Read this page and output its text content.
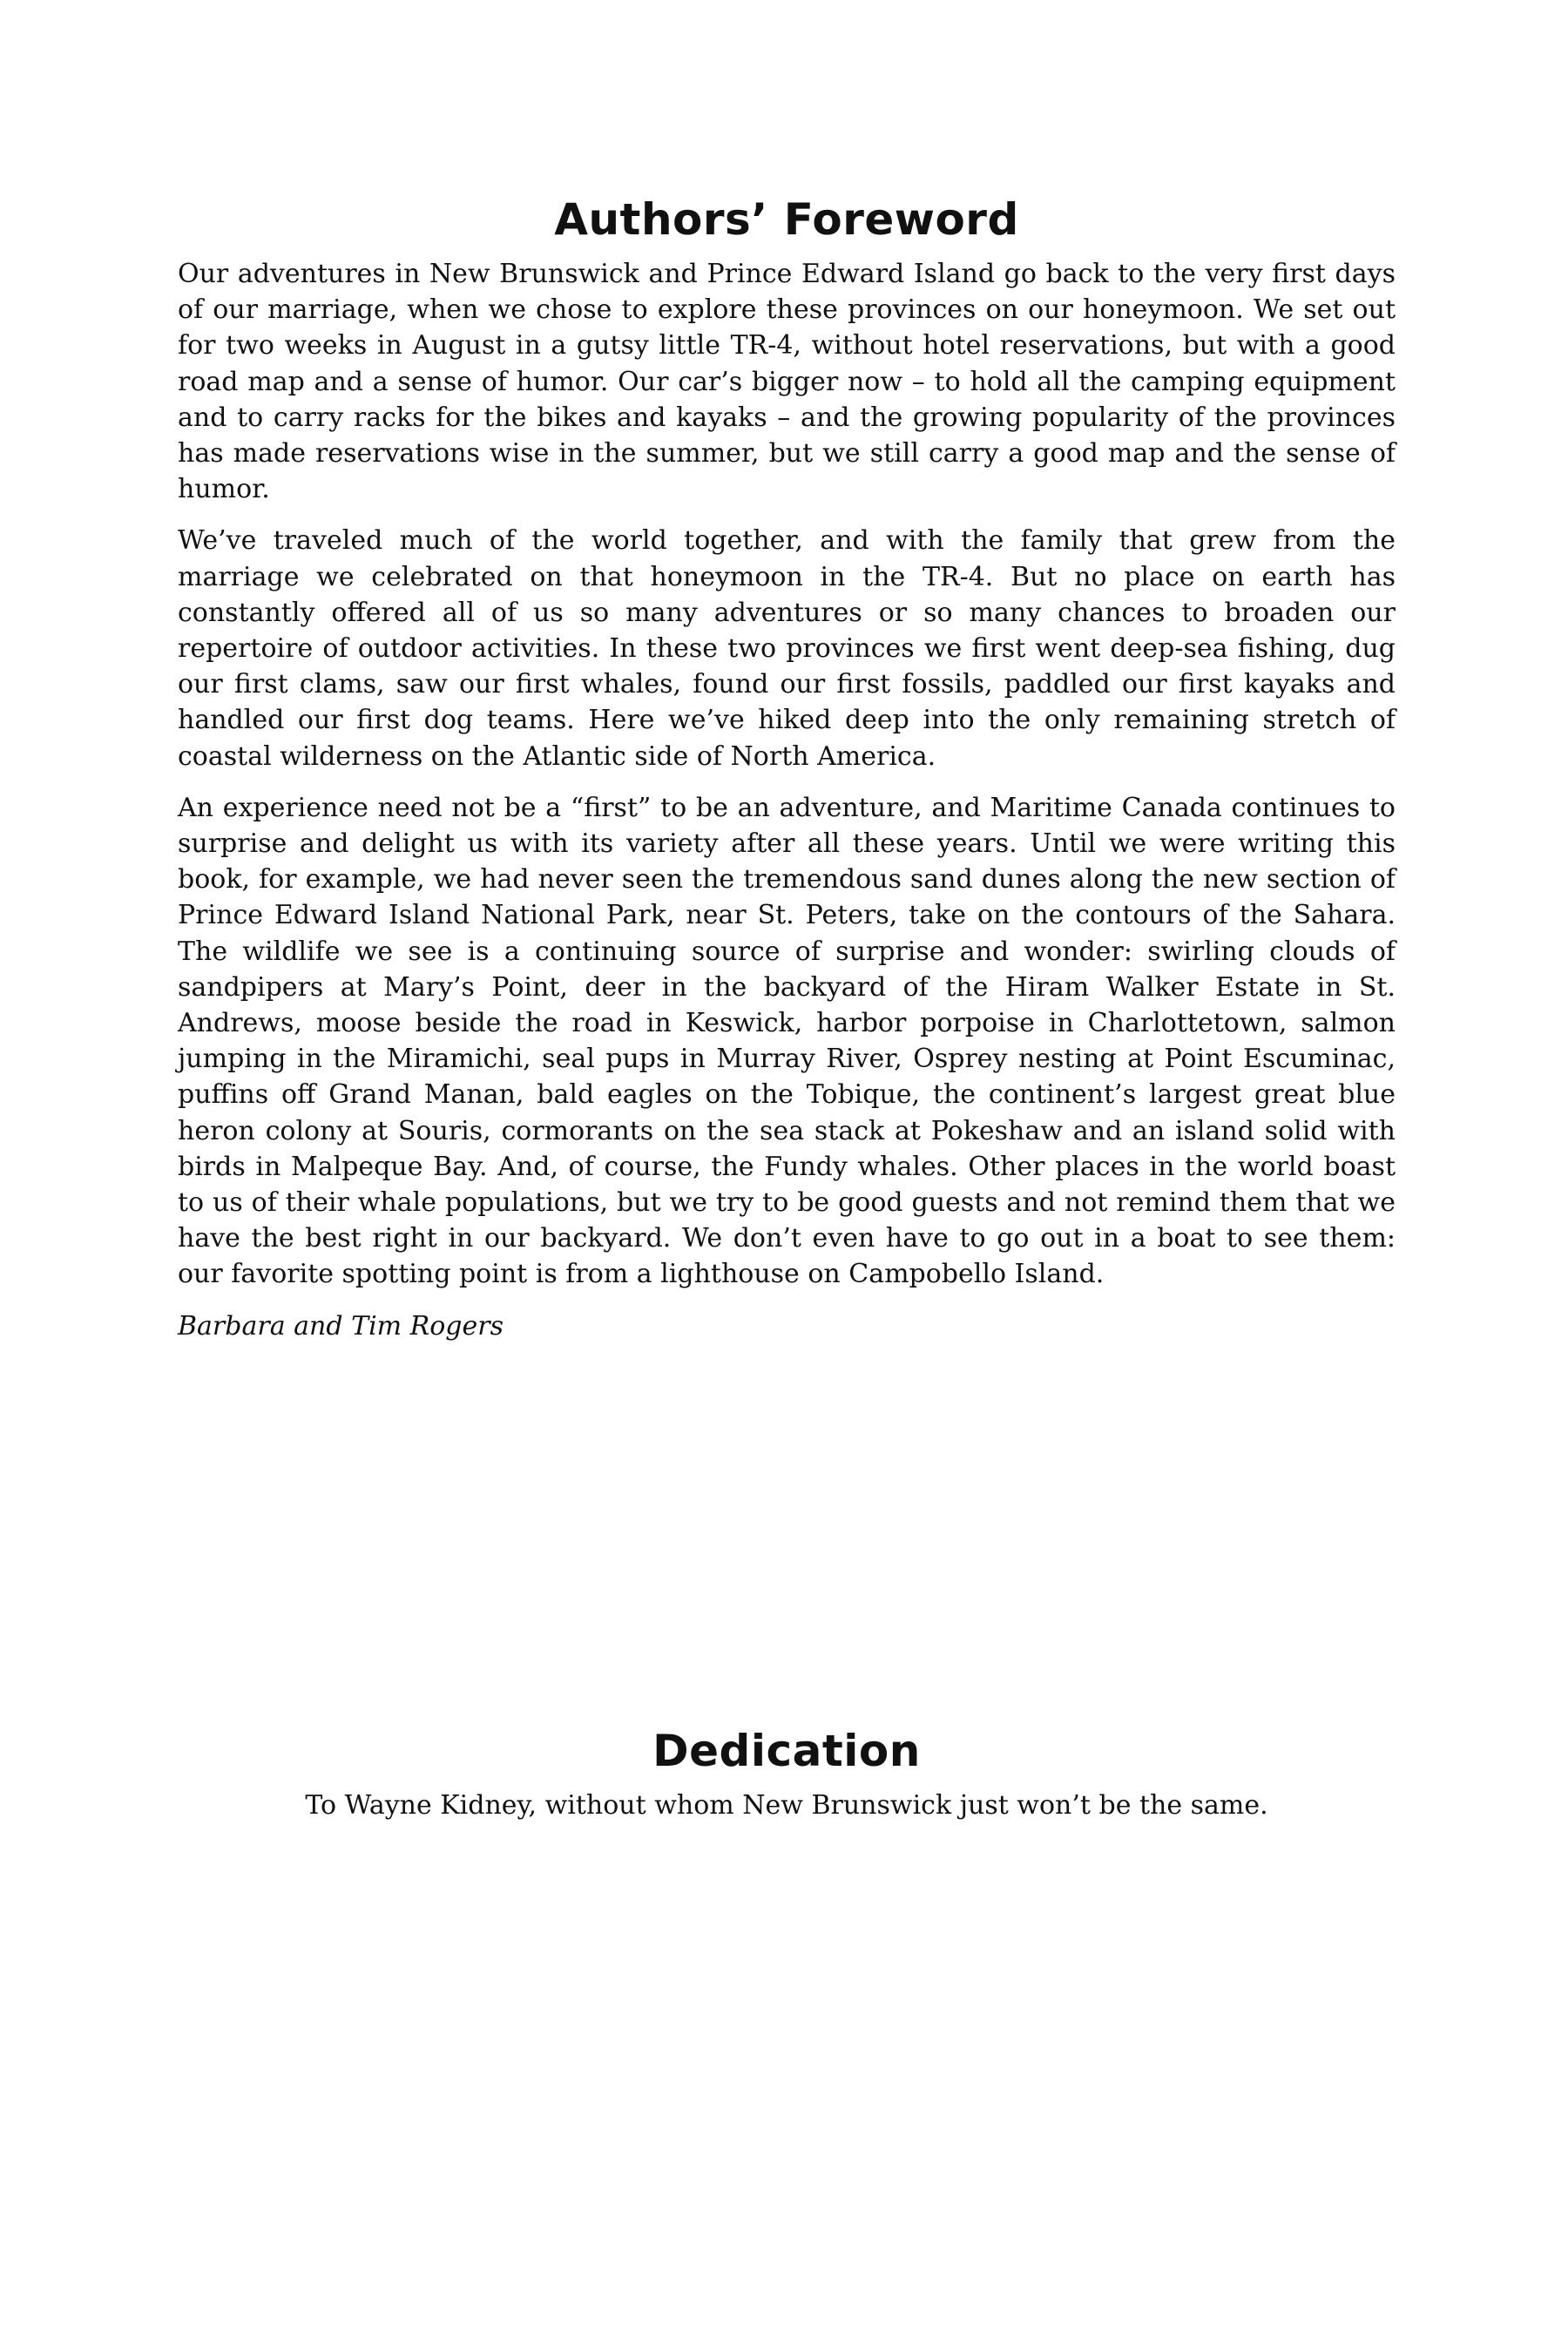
Authors’ Foreword

Our adventures in New Brunswick and Prince Edward Island go back to the very first days of our marriage, when we chose to explore these provinces on our honeymoon. We set out for two weeks in August in a gutsy little TR-4, without hotel reservations, but with a good road map and a sense of humor. Our car’s bigger now – to hold all the camping equipment and to carry racks for the bikes and kayaks – and the growing popularity of the provinces has made reservations wise in the summer, but we still carry a good map and the sense of humor.

We’ve traveled much of the world together, and with the family that grew from the marriage we celebrated on that honeymoon in the TR-4. But no place on earth has constantly offered all of us so many adventures or so many chances to broaden our repertoire of outdoor activities. In these two provinces we first went deep-sea fishing, dug our first clams, saw our first whales, found our first fossils, paddled our first kayaks and handled our first dog teams. Here we’ve hiked deep into the only remaining stretch of coastal wilderness on the Atlantic side of North America.

An experience need not be a “first” to be an adventure, and Maritime Canada continues to surprise and delight us with its variety after all these years. Until we were writing this book, for example, we had never seen the tremendous sand dunes along the new section of Prince Edward Island National Park, near St. Peters, take on the contours of the Sahara. The wildlife we see is a continuing source of surprise and wonder: swirling clouds of sandpipers at Mary’s Point, deer in the backyard of the Hiram Walker Estate in St. Andrews, moose beside the road in Keswick, harbor porpoise in Charlottetown, salmon jumping in the Miramichi, seal pups in Murray River, Osprey nesting at Point Escuminac, puffins off Grand Manan, bald eagles on the Tobique, the continent’s largest great blue heron colony at Souris, cormorants on the sea stack at Pokeshaw and an island solid with birds in Malpeque Bay. And, of course, the Fundy whales. Other places in the world boast to us of their whale populations, but we try to be good guests and not remind them that we have the best right in our backyard. We don’t even have to go out in a boat to see them: our favorite spotting point is from a lighthouse on Campobello Island.

Barbara and Tim Rogers

Dedication

To Wayne Kidney, without whom New Brunswick just won’t be the same.
